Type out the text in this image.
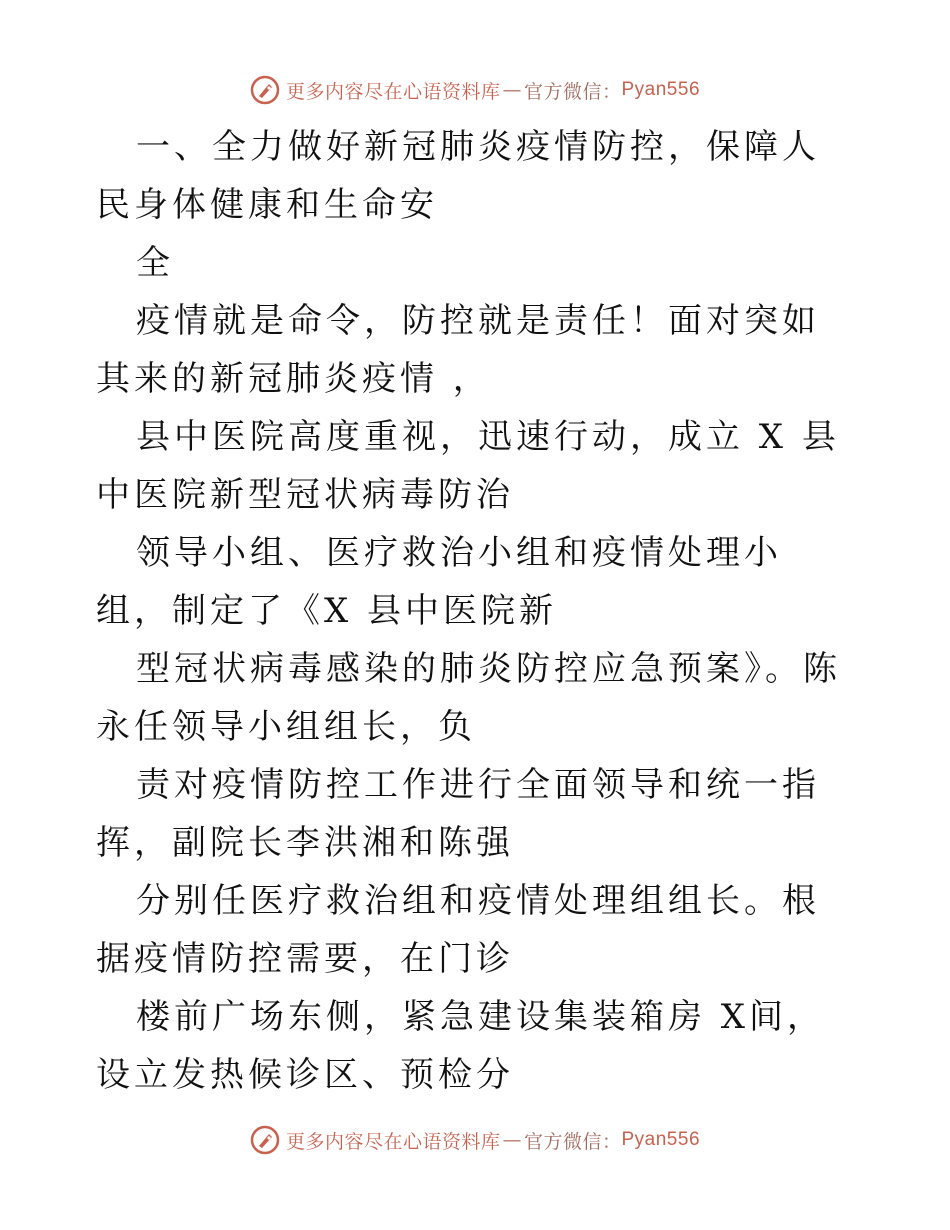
更多内容尽在心语资料库 — 官方微信： Pyan556

一、全力做好新冠肺炎疫情防控，保障人民身体健康和生命安

全

疫情就是命令，防控就是责任！面对突如其来的新冠肺炎疫情 ，

县中医院高度重视，迅速行动，成立 X 县中医院新型冠状病毒防治

领导小组、医疗救治小组和疫情处理小组，制定了《X 县中医院新

型冠状病毒感染的肺炎防控应急预案》。陈永任领导小组组长，负

责对疫情防控工作进行全面领导和统一指挥，副院长李洪湘和陈强

分别任医疗救治组和疫情处理组组长。根据疫情防控需要，在门诊

楼前广场东侧，紧急建设集装箱房 X间，设立发热候诊区、预检分

更多内容尽在心语资料库 — 官方微信： Pyan556
